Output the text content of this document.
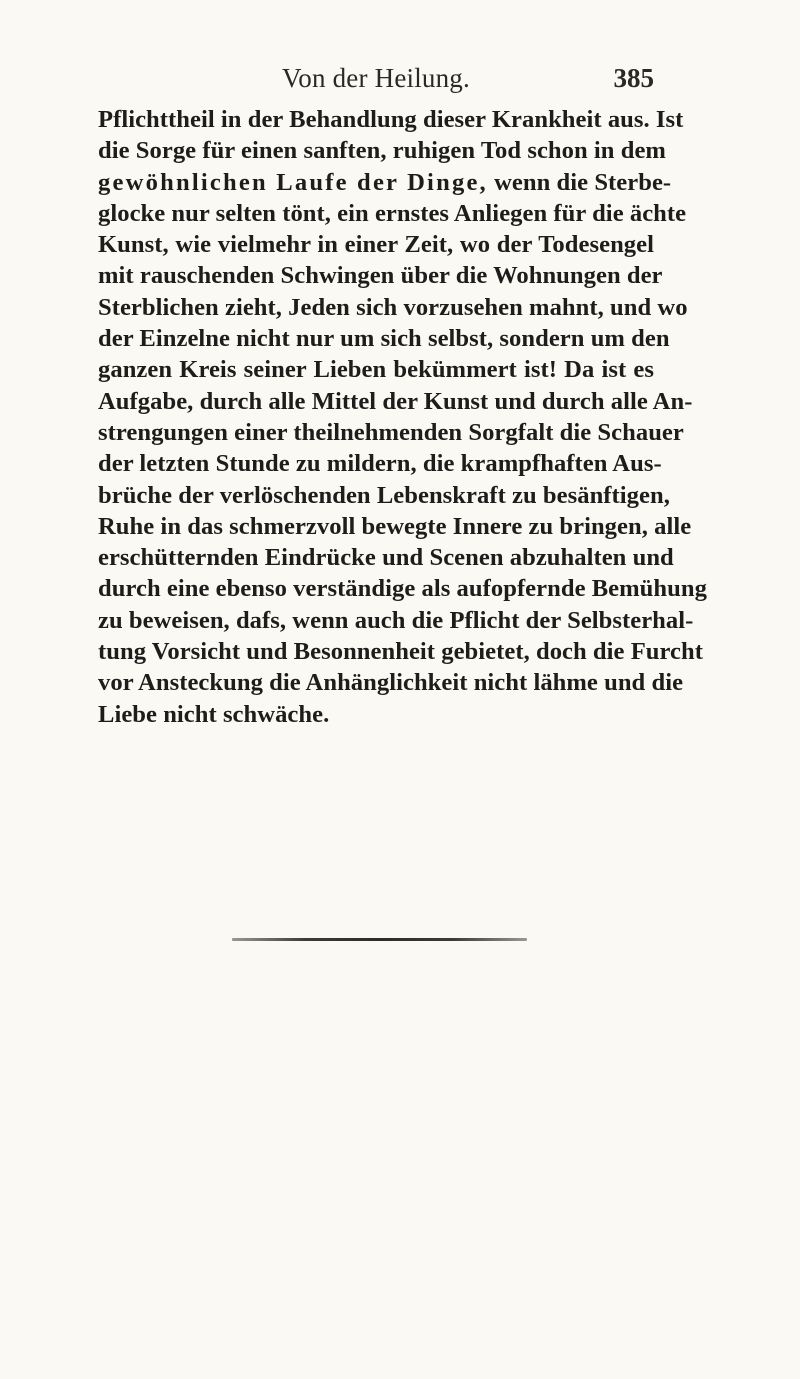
Von der Heilung.	385
Pflichttheil in der Behandlung dieser Krankheit aus. Ist
die Sorge für einen sanften, ruhigen Tod schon in dem
gewöhnlichen Laufe der Dinge, wenn die Sterbe-
glocke nur selten tönt, ein ernstes Anliegen für die ächte
Kunst, wie vielmehr in einer Zeit, wo der Todesengel
mit rauschenden Schwingen über die Wohnungen der
Sterblichen zieht, Jeden sich vorzusehen mahnt, und wo
der Einzelne nicht nur um sich selbst, sondern um den
ganzen Kreis seiner Lieben bekümmert ist! Da ist es
Aufgabe, durch alle Mittel der Kunst und durch alle An-
strengungen einer theilnehmenden Sorgfalt die Schauer
der letzten Stunde zu mildern, die krampfhaften Aus-
brüche der verlöschenden Lebenskraft zu besänftigen,
Ruhe in das schmerzvoll bewegte Innere zu bringen, alle
erschütternden Eindrücke und Scenen abzuhalten und
durch eine ebenso verständige als aufopfernde Bemühung
zu beweisen, dafs, wenn auch die Pflicht der Selbsterhal-
tung Vorsicht und Besonnenheit gebietet, doch die Furcht
vor Ansteckung die Anhänglichkeit nicht lähme und die
Liebe nicht schwäche.
